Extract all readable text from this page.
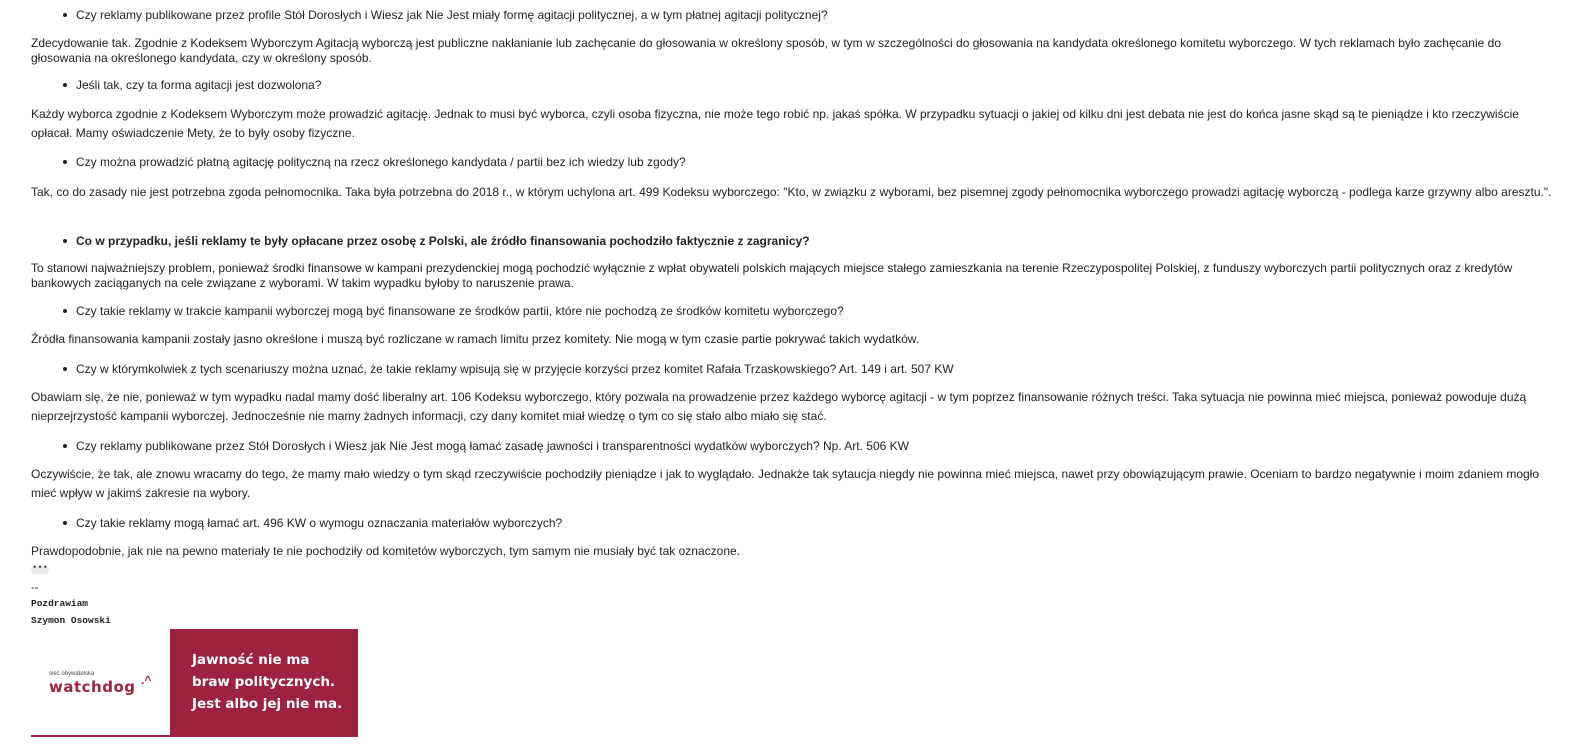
Czy reklamy publikowane przez profile Stół Dorosłych i Wiesz jak Nie Jest miały formę agitacji politycznej, a w tym płatnej agitacji politycznej?

Zdecydowanie tak. Zgodnie z Kodeksem Wyborczym Agitacją wyborczą jest publiczne nakłanianie lub zachęcanie do głosowania w określony sposób, w tym w szczególności do głosowania na kandydata określonego komitetu wyborczego. W tych reklamach było zachęcanie do głosowania na określonego kandydata, czy w określony sposób.

Jeśli tak, czy ta forma agitacji jest dozwolona?

Każdy wyborca zgodnie z Kodeksem Wyborczym może prowadzić agitację. Jednak to musi być wyborca, czyli osoba fizyczna, nie może tego robić np. jakaś spółka. W przypadku sytuacji o jakiej od kilku dni jest debata nie jest do końca jasne skąd są te pieniądze i kto rzeczywiście opłacał. Mamy oświadczenie Mety, że to były osoby fizyczne.

Czy można prowadzić płatną agitację polityczną na rzecz określonego kandydata / partii bez ich wiedzy lub zgody?

Tak, co do zasady nie jest potrzebna zgoda pełnomocnika. Taka była potrzebna do 2018 r., w którym uchylona art. 499 Kodeksu wyborczego: "Kto, w związku z wyborami, bez pisemnej zgody pełnomocnika wyborczego prowadzi agitację wyborczą - podlega karze grzywny albo aresztu.".

Co w przypadku, jeśli reklamy te były opłacane przez osobę z Polski, ale źródło finansowania pochodziło faktycznie z zagranicy?

To stanowi najważniejszy problem, ponieważ środki finansowe w kampani prezydenckiej mogą pochodzić wyłącznie z wpłat obywateli polskich mających miejsce stałego zamieszkania na terenie Rzeczypospolitej Polskiej, z funduszy wyborczych partii politycznych oraz z kredytów bankowych zaciąganych na cele związane z wyborami. W takim wypadku byłoby to naruszenie prawa.

Czy takie reklamy w trakcie kampanii wyborczej mogą być finansowane ze środków partii, które nie pochodzą ze środków komitetu wyborczego?

Źródła finansowania kampanii zostały jasno określone i muszą być rozliczane w ramach limitu przez komitety. Nie mogą w tym czasie partie pokrywać takich wydatków.

Czy w którymkolwiek z tych scenariuszy można uznać, że takie reklamy wpisują się w przyjęcie korzyści przez komitet Rafała Trzaskowskiego? Art. 149 i art. 507 KW

Obawiam się, że nie, ponieważ w tym wypadku nadal mamy dość liberalny art. 106 Kodeksu wyborczego, który pozwala na prowadzenie przez każdego wyborcę agitacji - w tym poprzez finansowanie różnych treści. Taka sytuacja nie powinna mieć miejsca, ponieważ powoduje dużą nieprzejrzystość kampanii wyborczej. Jednocześnie nie mamy żadnych informacji, czy dany komitet miał wiedzę o tym co się stało albo miało się stać.

Czy reklamy publikowane przez Stół Dorosłych i Wiesz jak Nie Jest mogą łamać zasadę jawności i transparentności wydatków wyborczych? Np. Art. 506 KW

Oczywiście, że tak, ale znowu wracamy do tego, że mamy mało wiedzy o tym skąd rzeczywiście pochodziły pieniądze i jak to wyglądało. Jednakże tak sytaucja niegdy nie powinna mieć miejsca, nawet przy obowiązującym prawie. Oceniam to bardzo negatywnie i moim zdaniem mogło mieć wpływ w jakimś zakresie na wybory.

Czy takie reklamy mogą łamać art. 496 KW o wymogu oznaczania materiałów wyborczych?

Prawdopodobnie, jak nie na pewno materiały te nie pochodziły od komitetów wyborczych, tym samym nie musiały być tak oznaczone.

•••
--
Pozdrawiam
Szymon Osowski
sieć obywatelska
watchdog .^
Jawność nie ma
braw politycznych.
Jest albo jej nie ma.
